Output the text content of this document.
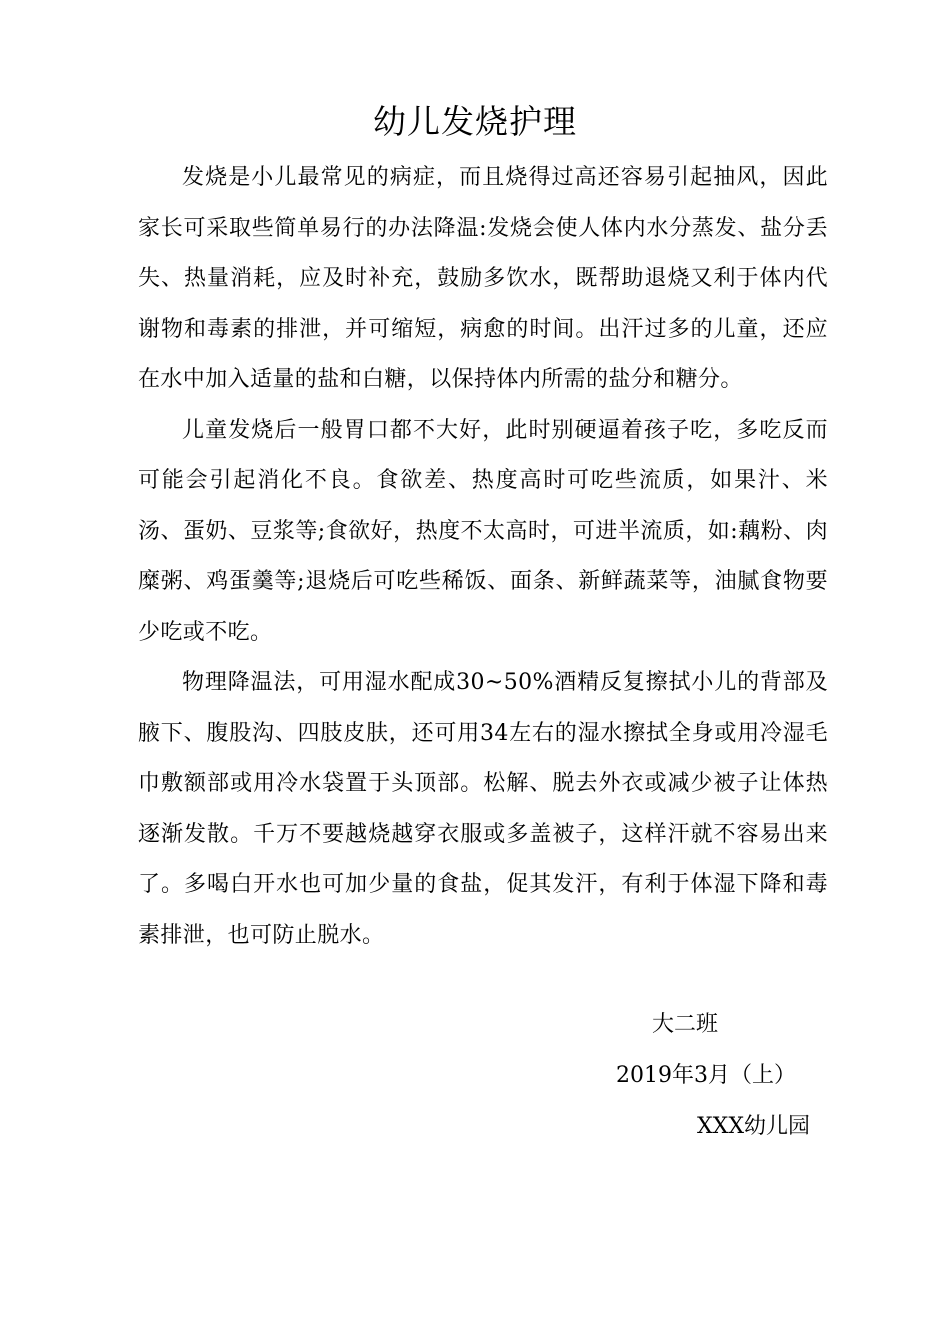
幼儿发烧护理

发烧是小儿最常见的病症，而且烧得过高还容易引起抽风，因此家长可采取些简单易行的办法降温:发烧会使人体内水分蒸发、盐分丢失、热量消耗，应及时补充，鼓励多饮水，既帮助退烧又利于体内代谢物和毒素的排泄，并可缩短，病愈的时间。出汗过多的儿童，还应在水中加入适量的盐和白糖，以保持体内所需的盐分和糖分。

儿童发烧后一般胃口都不大好，此时别硬逼着孩子吃，多吃反而可能会引起消化不良。食欲差、热度高时可吃些流质，如果汁、米汤、蛋奶、豆浆等;食欲好，热度不太高时，可进半流质，如:藕粉、肉糜粥、鸡蛋羹等;退烧后可吃些稀饭、面条、新鲜蔬菜等，油腻食物要少吃或不吃。

物理降温法，可用湿水配成30~50%酒精反复擦拭小儿的背部及腋下、腹股沟、四肢皮肤，还可用34左右的湿水擦拭全身或用冷湿毛巾敷额部或用冷水袋置于头顶部。松解、脱去外衣或减少被子让体热逐渐发散。千万不要越烧越穿衣服或多盖被子，这样汗就不容易出来了。多喝白开水也可加少量的食盐，促其发汗，有利于体湿下降和毒素排泄，也可防止脱水。

大二班
2019年3月（上）
XXX幼儿园
